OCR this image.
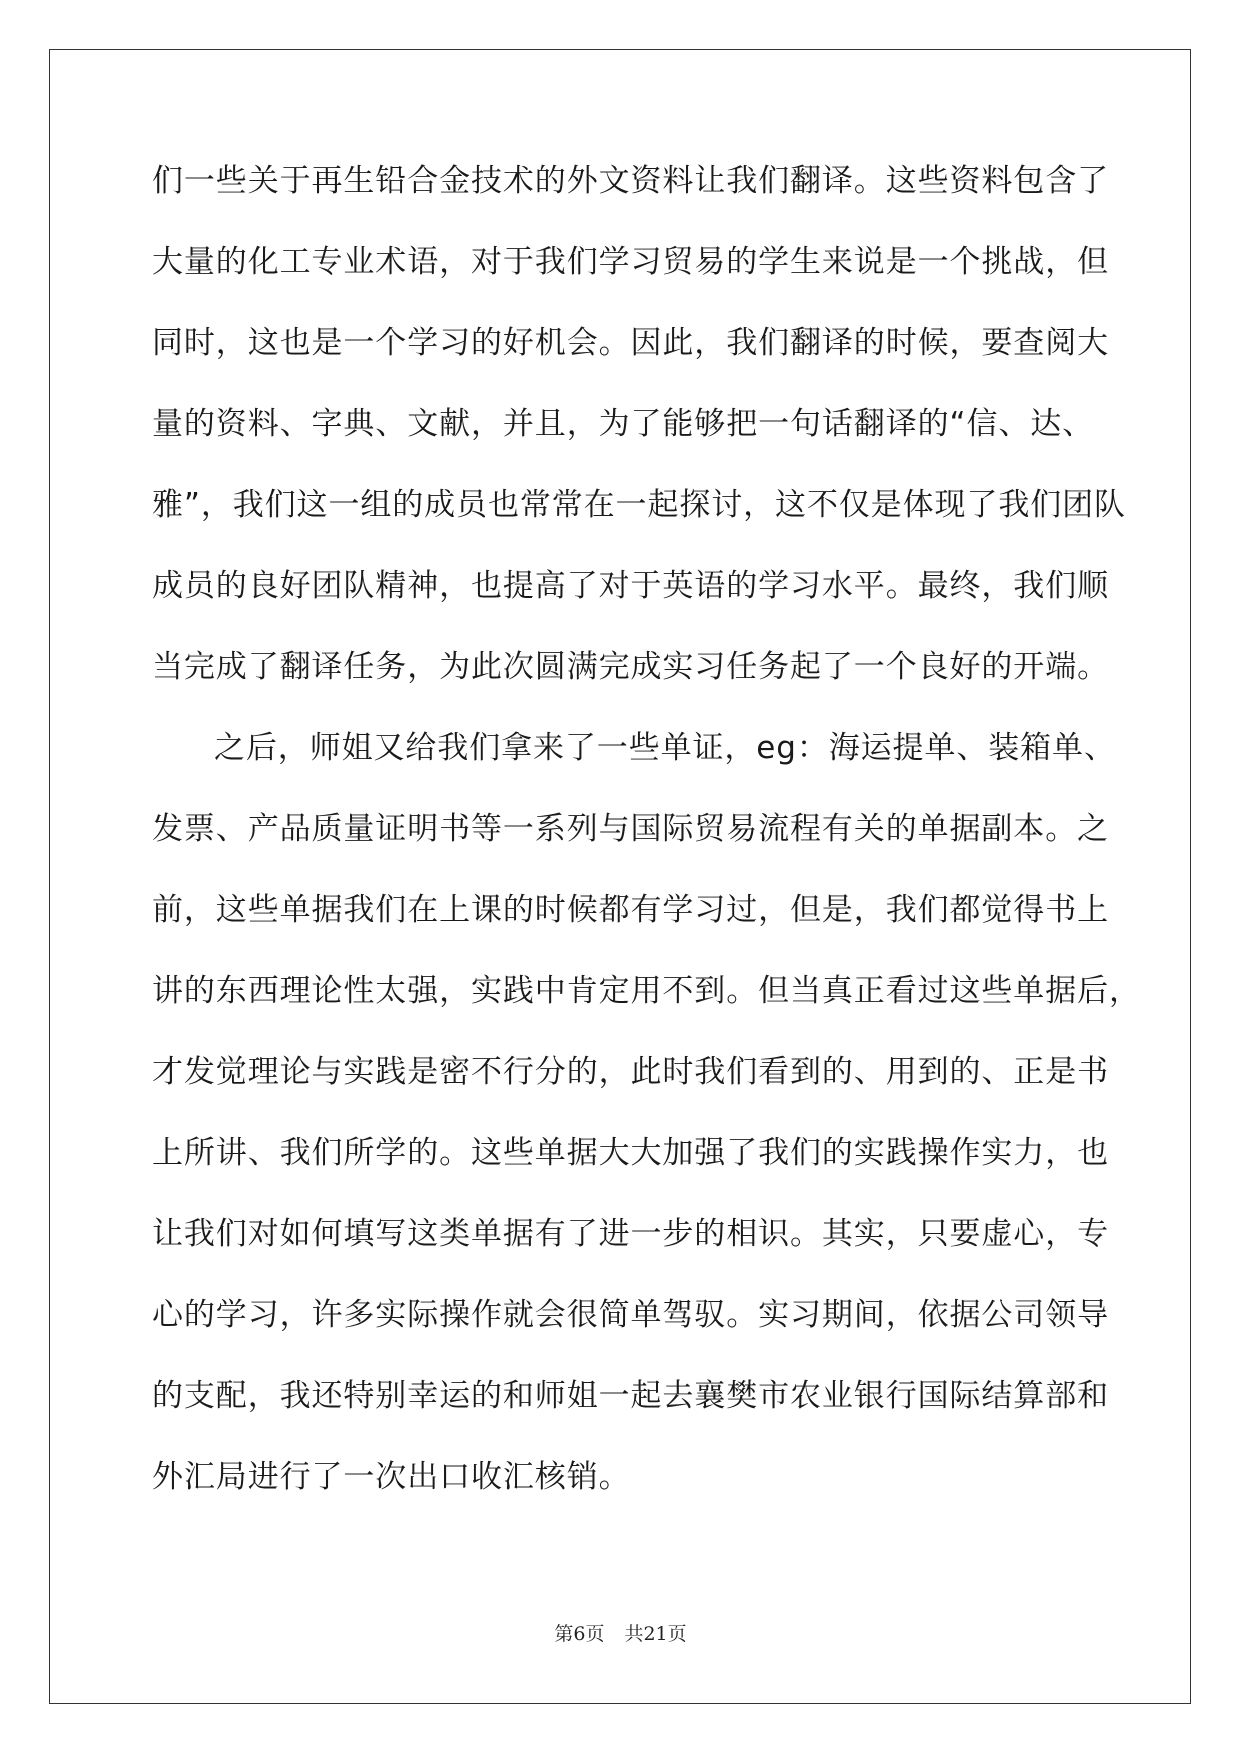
们一些关于再生铅合金技术的外文资料让我们翻译。这些资料包含了
大量的化工专业术语，对于我们学习贸易的学生来说是一个挑战，但
同时，这也是一个学习的好机会。因此，我们翻译的时候，要查阅大
量的资料、字典、文献，并且，为了能够把一句话翻译的“信、达、
雅”，我们这一组的成员也常常在一起探讨，这不仅是体现了我们团队
成员的良好团队精神，也提高了对于英语的学习水平。最终，我们顺
当完成了翻译任务，为此次圆满完成实习任务起了一个良好的开端。
之后，师姐又给我们拿来了一些单证，eg：海运提单、装箱单、
发票、产品质量证明书等一系列与国际贸易流程有关的单据副本。之
前，这些单据我们在上课的时候都有学习过，但是，我们都觉得书上
讲的东西理论性太强，实践中肯定用不到。但当真正看过这些单据后，
才发觉理论与实践是密不行分的，此时我们看到的、用到的、正是书
上所讲、我们所学的。这些单据大大加强了我们的实践操作实力，也
让我们对如何填写这类单据有了进一步的相识。其实，只要虚心，专
心的学习，许多实际操作就会很简单驾驭。实习期间，依据公司领导
的支配，我还特别幸运的和师姐一起去襄樊市农业银行国际结算部和
外汇局进行了一次出口收汇核销。
第6页 共21页
